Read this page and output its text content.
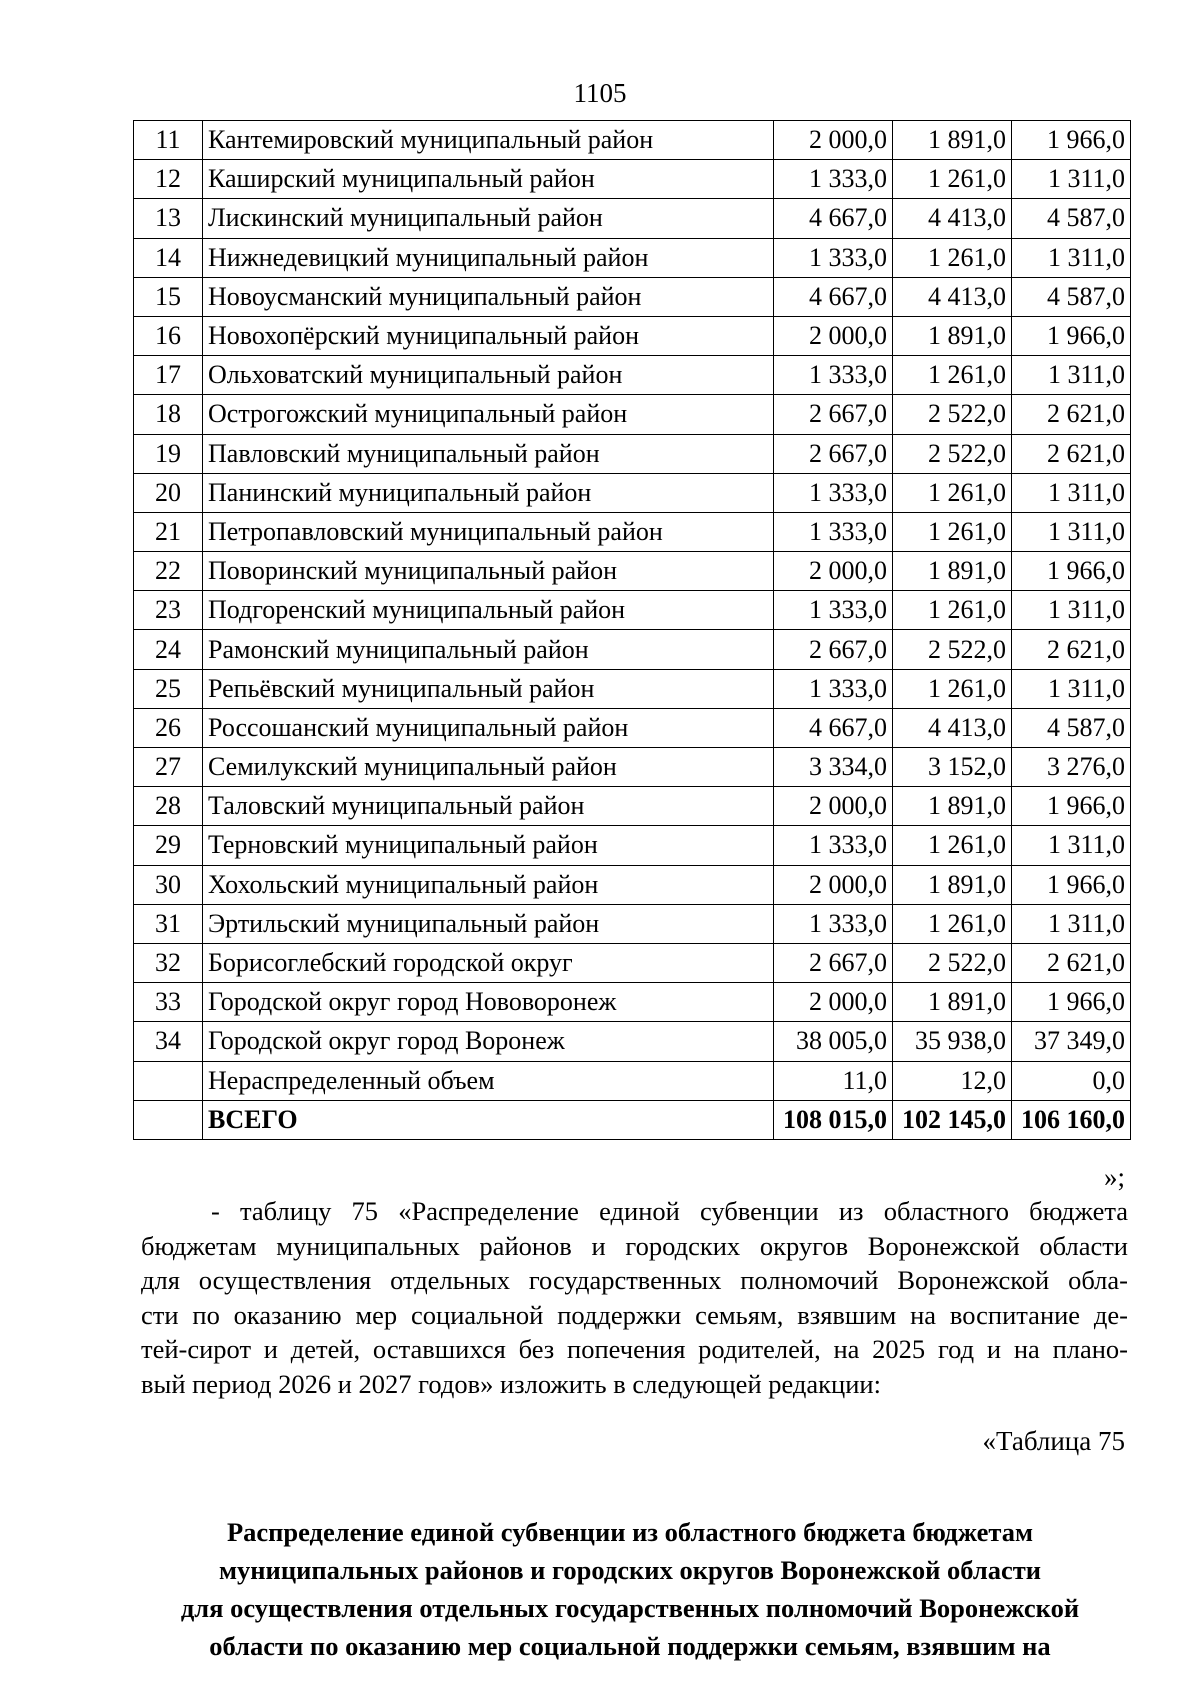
1105
11	Кантемировский муниципальный район	2 000,0	1 891,0	1 966,0
12	Каширский муниципальный район	1 333,0	1 261,0	1 311,0
13	Лискинский муниципальный район	4 667,0	4 413,0	4 587,0
14	Нижнедевицкий муниципальный район	1 333,0	1 261,0	1 311,0
15	Новоусманский муниципальный район	4 667,0	4 413,0	4 587,0
16	Новохопёрский муниципальный район	2 000,0	1 891,0	1 966,0
17	Ольховатский муниципальный район	1 333,0	1 261,0	1 311,0
18	Острогожский муниципальный район	2 667,0	2 522,0	2 621,0
19	Павловский муниципальный район	2 667,0	2 522,0	2 621,0
20	Панинский муниципальный район	1 333,0	1 261,0	1 311,0
21	Петропавловский муниципальный район	1 333,0	1 261,0	1 311,0
22	Поворинский муниципальный район	2 000,0	1 891,0	1 966,0
23	Подгоренский муниципальный район	1 333,0	1 261,0	1 311,0
24	Рамонский муниципальный район	2 667,0	2 522,0	2 621,0
25	Репьёвский муниципальный район	1 333,0	1 261,0	1 311,0
26	Россошанский муниципальный район	4 667,0	4 413,0	4 587,0
27	Семилукский муниципальный район	3 334,0	3 152,0	3 276,0
28	Таловский муниципальный район	2 000,0	1 891,0	1 966,0
29	Терновский муниципальный район	1 333,0	1 261,0	1 311,0
30	Хохольский муниципальный район	2 000,0	1 891,0	1 966,0
31	Эртильский муниципальный район	1 333,0	1 261,0	1 311,0
32	Борисоглебский городской округ	2 667,0	2 522,0	2 621,0
33	Городской округ город Нововоронеж	2 000,0	1 891,0	1 966,0
34	Городской округ город Воронеж	38 005,0	35 938,0	37 349,0
	Нераспределенный объем	11,0	12,0	0,0
	ВСЕГО	108 015,0	102 145,0	106 160,0
»;
- таблицу 75 «Распределение единой субвенции из областного бюджета
бюджетам муниципальных районов и городских округов Воронежской области
для осуществления отдельных государственных полномочий Воронежской обла-
сти по оказанию мер социальной поддержки семьям, взявшим на воспитание де-
тей-сирот и детей, оставшихся без попечения родителей, на 2025 год и на плано-
вый период 2026 и 2027 годов» изложить в следующей редакции:
«Таблица 75
Распределение единой субвенции из областного бюджета бюджетам
муниципальных районов и городских округов Воронежской области
для осуществления отдельных государственных полномочий Воронежской
области по оказанию мер социальной поддержки семьям, взявшим на
